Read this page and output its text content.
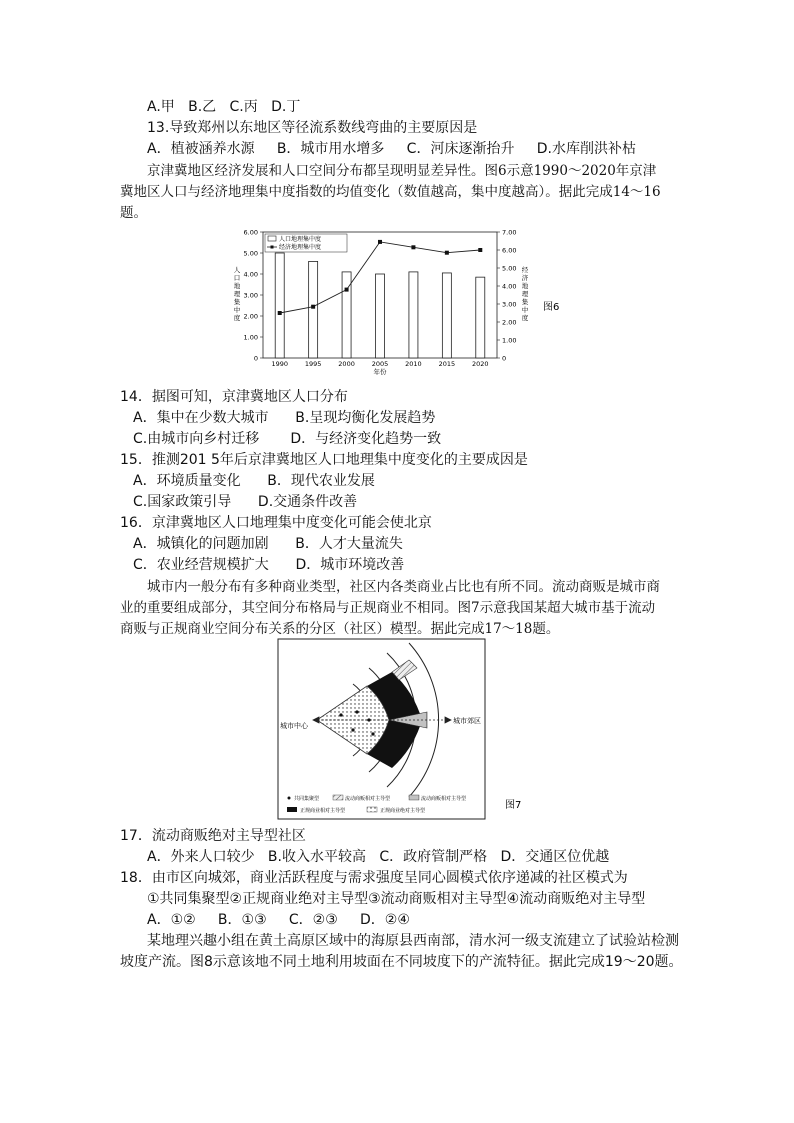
A.甲   B.乙   C.丙   D.丁
13.导致郑州以东地区等径流系数线弯曲的主要原因是
A．植被涵养水源     B．城市用水增多     C．河床逐渐抬升     D.水库削洪补枯
京津冀地区经济发展和人口空间分布都呈现明显差异性。图6示意1990～2020年京津
冀地区人口与经济地理集中度指数的均值变化（数值越高，集中度越高）。据此完成14～16
题。
0
1.00
2.00
3.00
4.00
5.00
6.00
0
1.00
2.00
3.00
4.00
5.00
6.00
7.00
1990	1995	2000	2005	2010	2015	2020
年份
人口地理集中度
经济地理集中度
人口地理集中度
经济地理集中度
图6
14．据图可知，京津冀地区人口分布
A．集中在少数大城市      B.呈现均衡化发展趋势
C.由城市向乡村迁移       D．与经济变化趋势一致
15．推测201 5年后京津冀地区人口地理集中度变化的主要成因是
A．环境质量变化      B．现代农业发展
C.国家政策引导      D.交通条件改善
16．京津冀地区人口地理集中度变化可能会使北京
A．城镇化的问题加剧      B．人才大量流失
C．农业经营规模扩大      D．城市环境改善
城市内一般分布有多种商业类型，社区内各类商业占比也有所不同。流动商贩是城市商
业的重要组成部分，其空间分布格局与正规商业不相同。图7示意我国某超大城市基于流动
商贩与正规商业空间分布关系的分区（社区）模型。据此完成17～18题。
城市中心
城市郊区
共同集聚型	流动商贩相对主导型	流动商贩相对主导型
正规商业相对主导型	正规商业绝对主导型	图7
17．流动商贩绝对主导型社区
A．外来人口较少   B.收入水平较高   C．政府管制严格   D．交通区位优越
18．由市区向城郊，商业活跃程度与需求强度呈同心圆模式依序递减的社区模式为
①共同集聚型②正规商业绝对主导型③流动商贩相对主导型④流动商贩绝对主导型
A．①②     B．①③     C．②③     D．②④
某地理兴趣小组在黄土高原区域中的海原县西南部，清水河一级支流建立了试验站检测
坡度产流。图8示意该地不同土地利用坡面在不同坡度下的产流特征。据此完成19～20题。
